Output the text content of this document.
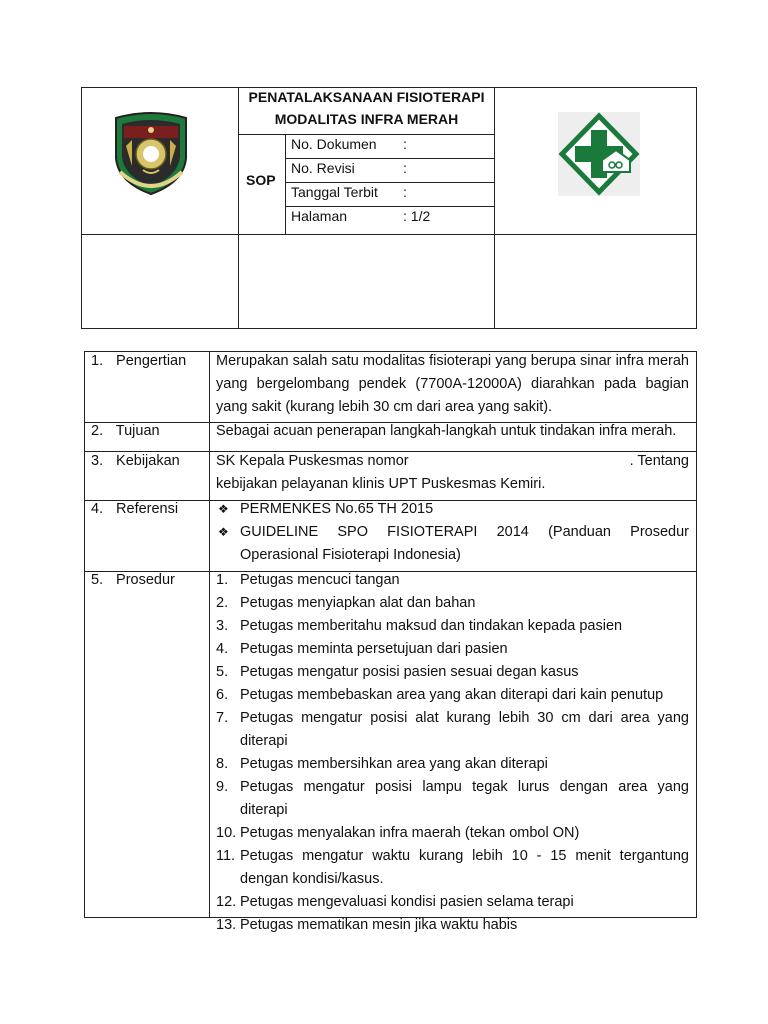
PENATALAKSANAAN FISIOTERAPI
MODALITAS INFRA MERAH
SOP
No. Dokumen	:
No. Revisi	:
Tanggal Terbit	:
Halaman	: 1/2
1. Pengertian Merupakan salah satu modalitas fisioterapi yang berupa sinar infra merah yang bergelombang pendek (7700A-12000A) diarahkan pada bagian yang sakit (kurang lebih 30 cm dari area yang sakit).
2. Tujuan	Sebagai acuan penerapan langkah-langkah untuk tindakan infra merah.
3. Kebijakan	SK Kepala Puskesmas nomor	. Tentang
kebijakan pelayanan klinis UPT Puskesmas Kemiri.
4. Referensi	❖ PERMENKES No.65 TH 2015
❖ GUIDELINE SPO FISIOTERAPI 2014 (Panduan Prosedur Operasional Fisioterapi Indonesia)
5. Prosedur	1. Petugas mencuci tangan
2. Petugas menyiapkan alat dan bahan
3. Petugas memberitahu maksud dan tindakan kepada pasien
4. Petugas meminta persetujuan dari pasien
5. Petugas mengatur posisi pasien sesuai degan kasus
6. Petugas membebaskan area yang akan diterapi dari kain penutup
7. Petugas mengatur posisi alat kurang lebih 30 cm dari area yang diterapi
8. Petugas membersihkan area yang akan diterapi
9. Petugas mengatur posisi lampu tegak lurus dengan area yang diterapi
10. Petugas menyalakan infra maerah (tekan ombol ON)
11. Petugas mengatur waktu kurang lebih 10 - 15 menit tergantung dengan kondisi/kasus.
12. Petugas mengevaluasi kondisi pasien selama terapi
13. Petugas mematikan mesin jika waktu habis
